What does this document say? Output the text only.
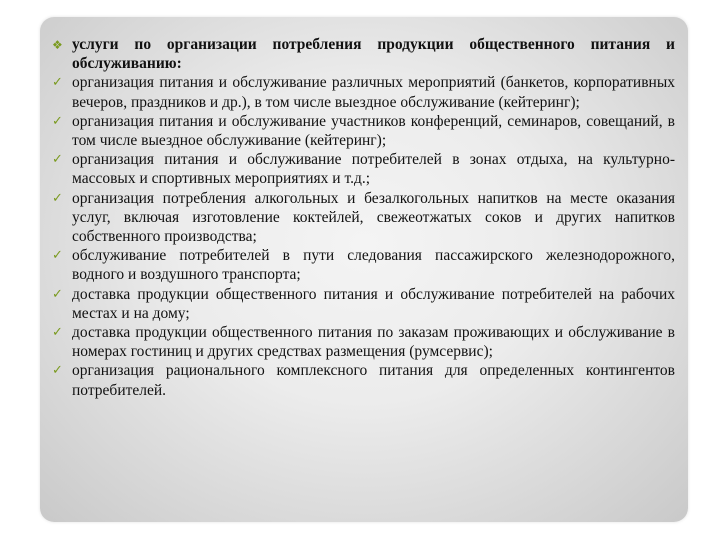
❖ услуги по организации потребления продукции общественного питания и обслуживанию:
✓ организация питания и обслуживание различных мероприятий (банкетов, корпоративных вечеров, праздников и др.), в том числе выездное обслуживание (кейтеринг);
✓ организация питания и обслуживание участников конференций, семинаров, совещаний, в том числе выездное обслуживание (кейтеринг);
✓ организация питания и обслуживание потребителей в зонах отдыха, на культурно-массовых и спортивных мероприятиях и т.д.;
✓ организация потребления алкогольных и безалкогольных напитков на месте оказания услуг, включая изготовление коктейлей, свежеотжатых соков и других напитков собственного производства;
✓ обслуживание потребителей в пути следования пассажирского железнодорожного, водного и воздушного транспорта;
✓ доставка продукции общественного питания и обслуживание потребителей на рабочих местах и на дому;
✓ доставка продукции общественного питания по заказам проживающих и обслуживание в номерах гостиниц и других средствах размещения (румсервис);
✓ организация рационального комплексного питания для определенных контингентов потребителей.
